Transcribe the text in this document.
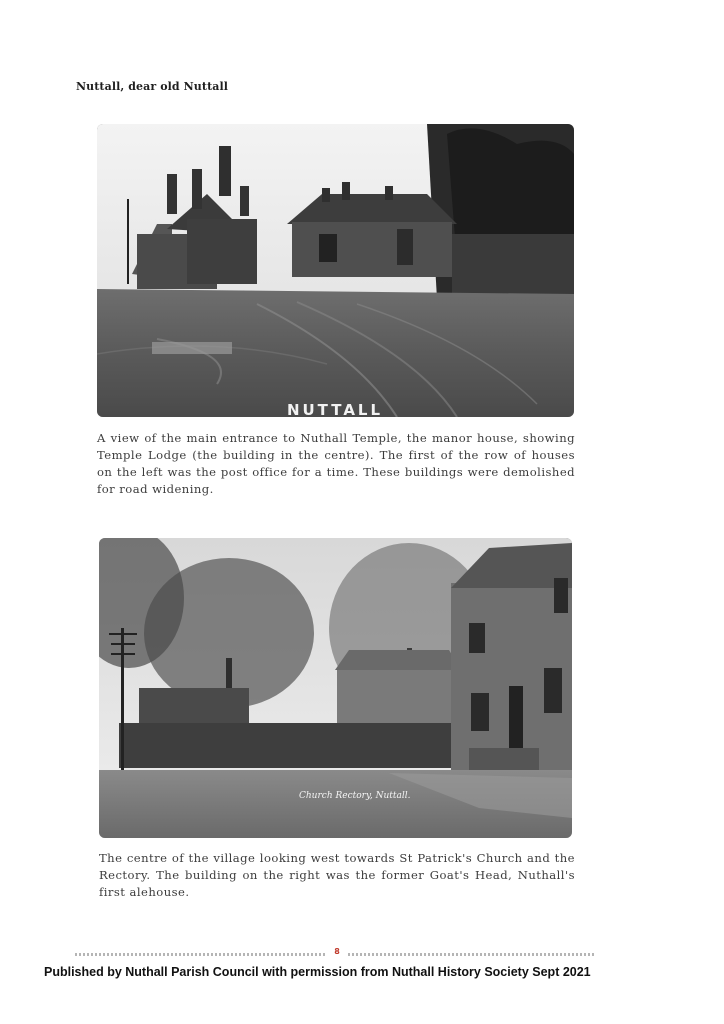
Nuttall, dear old Nuttall
NUTTALL
A view of the main entrance to Nuthall Temple, the manor house, showing Temple Lodge (the building in the centre). The first of the row of houses on the left was the post office for a time. These buildings were demolished for road widening.
Church Rectory, Nuttall.
The centre of the village looking west towards St Patrick's Church and the Rectory. The building on the right was the former Goat's Head, Nuthall's first alehouse.
8
Published by Nuthall Parish Council with permission from Nuthall History Society Sept 2021
